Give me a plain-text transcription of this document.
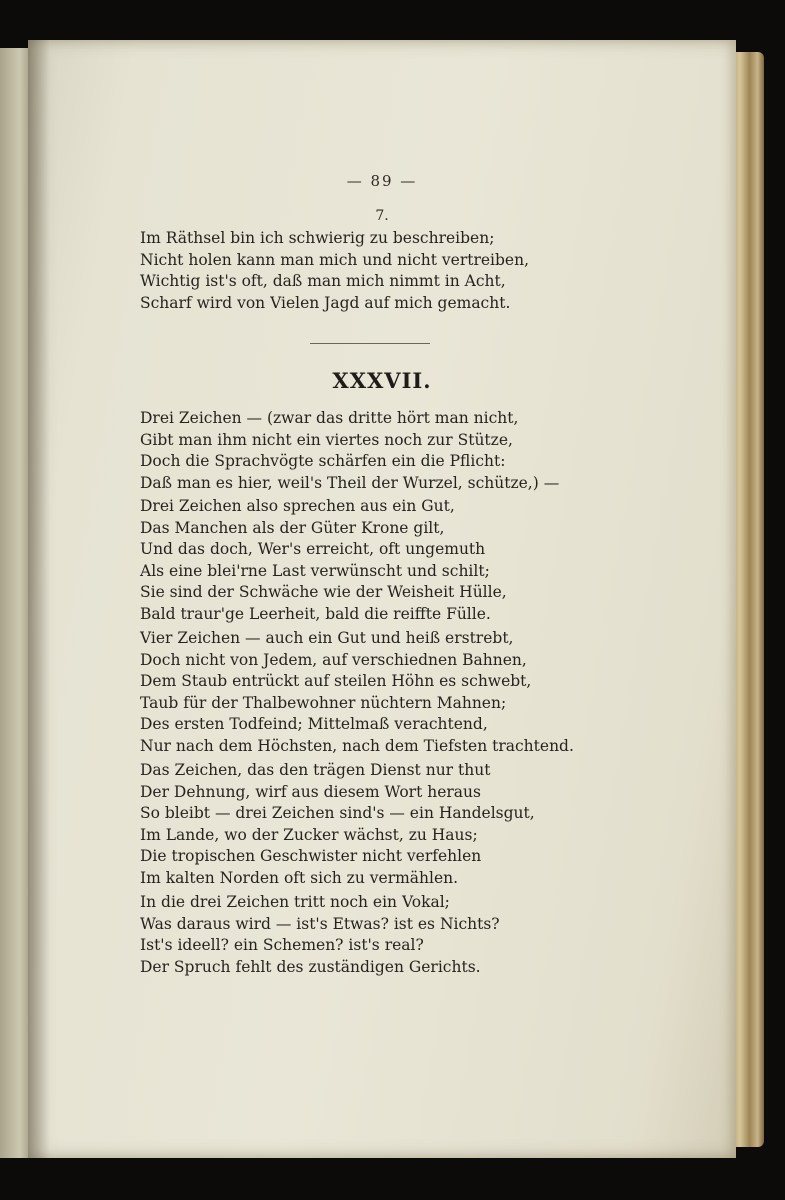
— 89 —
7.
Im Räthsel bin ich schwierig zu beschreiben;
Nicht holen kann man mich und nicht vertreiben,
Wichtig ist's oft, daß man mich nimmt in Acht,
Scharf wird von Vielen Jagd auf mich gemacht.
XXXVII.
Drei Zeichen — (zwar das dritte hört man nicht,
Gibt man ihm nicht ein viertes noch zur Stütze,
Doch die Sprachvögte schärfen ein die Pflicht:
Daß man es hier, weil's Theil der Wurzel, schütze,) —
Drei Zeichen also sprechen aus ein Gut,
Das Manchen als der Güter Krone gilt,
Und das doch, Wer's erreicht, oft ungemuth
Als eine blei'rne Last verwünscht und schilt;
Sie sind der Schwäche wie der Weisheit Hülle,
Bald traur'ge Leerheit, bald die reiffte Fülle.
Vier Zeichen — auch ein Gut und heiß erstrebt,
Doch nicht von Jedem, auf verschiednen Bahnen,
Dem Staub entrückt auf steilen Höhn es schwebt,
Taub für der Thalbewohner nüchtern Mahnen;
Des ersten Todfeind; Mittelmaß verachtend,
Nur nach dem Höchsten, nach dem Tiefsten trachtend.
Das Zeichen, das den trägen Dienst nur thut
Der Dehnung, wirf aus diesem Wort heraus
So bleibt — drei Zeichen sind's — ein Handelsgut,
Im Lande, wo der Zucker wächst, zu Haus;
Die tropischen Geschwister nicht verfehlen
Im kalten Norden oft sich zu vermählen.
In die drei Zeichen tritt noch ein Vokal;
Was daraus wird — ist's Etwas? ist es Nichts?
Ist's ideell? ein Schemen? ist's real?
Der Spruch fehlt des zuständigen Gerichts.
